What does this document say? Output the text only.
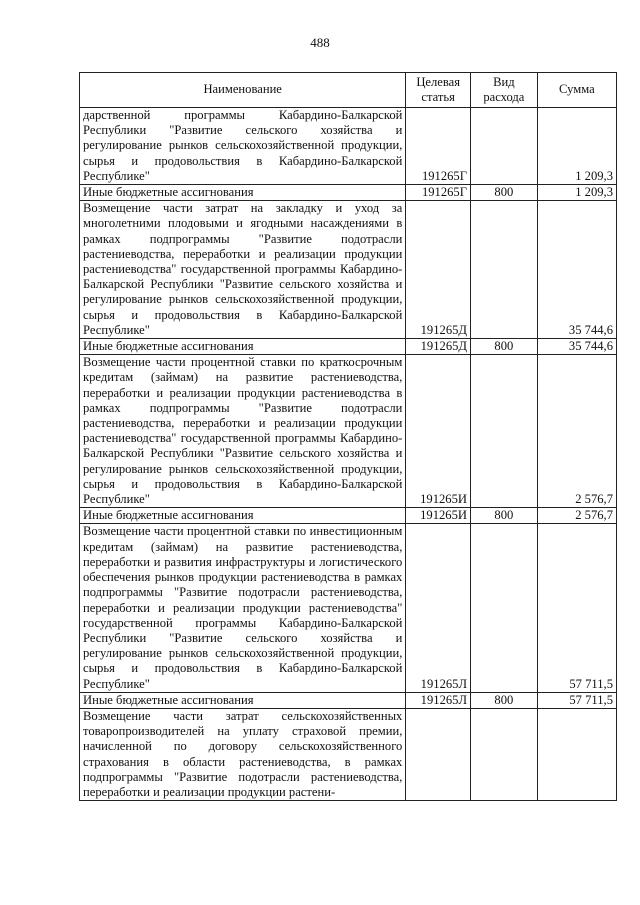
488
Наименование	Целевая статья	Вид расхода	Сумма
дарственной программы Кабардино-Балкарской Республики "Развитие сельского хозяйства и регулирование рынков сельскохозяйственной продукции, сырья и продовольствия в Кабардино-Балкарской Республике"	191265Г		1 209,3
Иные бюджетные ассигнования	191265Г	800	1 209,3
Возмещение части затрат на закладку и уход за многолетними плодовыми и ягодными насаждениями в рамках подпрограммы "Развитие подотрасли растениеводства, переработки и реализации продукции растениеводства" государственной программы Кабардино-Балкарской Республики "Развитие сельского хозяйства и регулирование рынков сельскохозяйственной продукции, сырья и продовольствия в Кабардино-Балкарской Республике"	191265Д		35 744,6
Иные бюджетные ассигнования	191265Д	800	35 744,6
Возмещение части процентной ставки по краткосрочным кредитам (займам) на развитие растениеводства, переработки и реализации продукции растениеводства в рамках подпрограммы "Развитие подотрасли растениеводства, переработки и реализации продукции растениеводства" государственной программы Кабардино-Балкарской Республики "Развитие сельского хозяйства и регулирование рынков сельскохозяйственной продукции, сырья и продовольствия в Кабардино-Балкарской Республике"	191265И		2 576,7
Иные бюджетные ассигнования	191265И	800	2 576,7
Возмещение части процентной ставки по инвестиционным кредитам (займам) на развитие растениеводства, переработки и развития инфраструктуры и логистического обеспечения рынков продукции растениеводства в рамках подпрограммы "Развитие подотрасли растениеводства, переработки и реализации продукции растениеводства" государственной программы Кабардино-Балкарской Республики "Развитие сельского хозяйства и регулирование рынков сельскохозяйственной продукции, сырья и продовольствия в Кабардино-Балкарской Республике"	191265Л		57 711,5
Иные бюджетные ассигнования	191265Л	800	57 711,5
Возмещение части затрат сельскохозяйственных товаропроизводителей на уплату страховой премии, начисленной по договору сельскохозяйственного страхования в области растениеводства, в рамках подпрограммы "Развитие подотрасли растениеводства, переработки и реализации продукции растени-			
